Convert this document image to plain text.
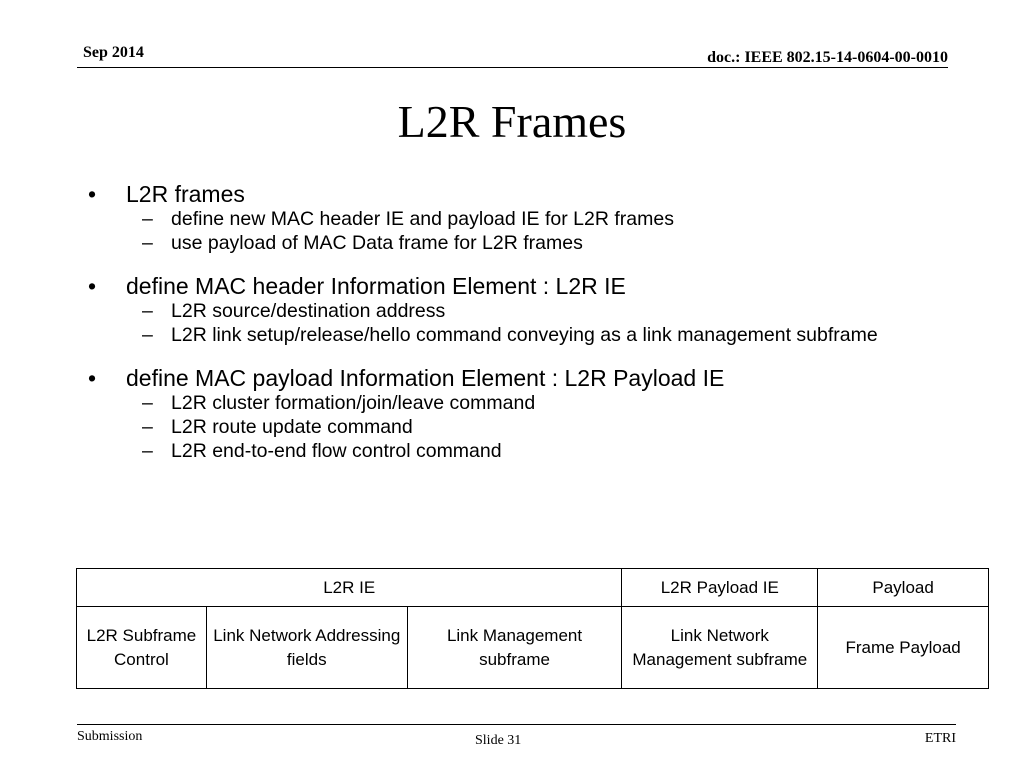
Sep 2014	doc.: IEEE 802.15-14-0604-00-0010
L2R Frames
•	L2R frames
– define new MAC header IE and payload IE for L2R frames
– use payload of MAC Data frame for L2R frames
•	define MAC header Information Element : L2R IE
– L2R source/destination address
– L2R link setup/release/hello command conveying as a link management subframe
•	define MAC payload Information Element : L2R Payload IE
– L2R cluster formation/join/leave command
– L2R route update command
– L2R end-to-end flow control command
L2R IE			L2R Payload IE	Payload
L2R Subframe Control	Link Network Addressing fields	Link Management subframe	Link Network Management subframe	Frame Payload
Submission	Slide 31	ETRI
